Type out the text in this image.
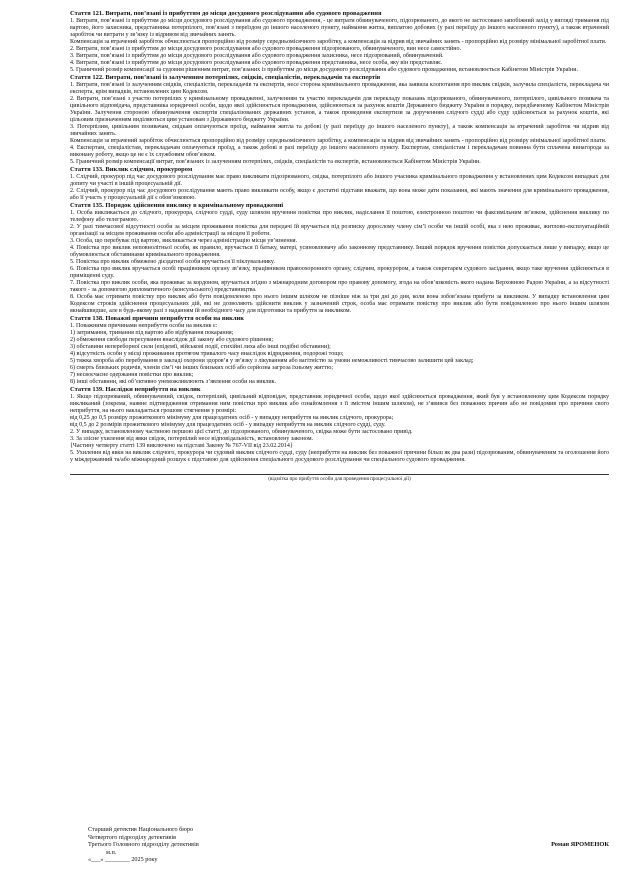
Стаття 121. Витрати, пов’язані із прибуттям до місця досудового розслідування або судового провадження
1. Витрати, пов’язані із прибуттям до місця досудового розслідування або судового провадження, - це витрати обвинуваченого, підозрюваного, до якого не застосовано запобіжний захід у вигляді тримання під вартою, його захисника, представника потерпілого, пов’язані з переїздом до іншого населеного пункту, наймання житла, виплатою добових (у разі переїзду до іншого населеного пункту), а також втрачений заробіток чи витрати у зв’язку із відривом від звичайних занять.
Компенсація за втрачений заробіток обчислюється пропорційно від розміру середньомісячного заробітку, а компенсація за відрив від звичайних занять - пропорційно від розміру мінімальної заробітної плати.
2. Витрати, пов’язані із прибуттям до місця досудового розслідування або судового провадження підозрюваного, обвинуваченого, вин несе самостійно.
3. Витрати, пов’язані із прибуттям до місця досудового розслідування або судового провадження захисника, несе підозрюваний, обвинувачений.
4. Витрати, пов’язані із прибуттям до місця досудового розслідування або судового провадження представника, несе особа, яку він представляє.
5. Граничний розмір компенсації за судовим рішенням витрат, пов’язаних із прибуттям до місця досудового розслідування або судового провадження, встановлюється Кабінетом Міністрів України.
Стаття 122. Витрати, пов’язані із залученням потерпілих, свідків, спеціалістів, перекладачів та експертів
1. Витрати, пов’язані із залученням свідків, спеціалістів, перекладачів та експертів, несе сторона кримінального провадження, яка заявила клопотання про виклик свідків, залучила спеціаліста, перекладача чи експерта, крім випадків, встановлених цим Кодексом.
2. Витрати, пов’язані з участю потерпілих у кримінальному провадженні, залученням та участю перекладачів для перекладу показань підозрюваного, обвинуваченого, потерпілого, цивільного позивача та цивільного відповідача, представника юридичної особи, щодо якої здійснюється провадження, здійснюються за рахунок коштів Державного бюджету України в порядку, передбаченому Кабінетом Міністрів України. Залучення стороною обвинувачення експертів спеціалізованих державних установ, а також проведення експертизи за дорученням слідчого судді або суду здійснюється за рахунок коштів, які цільовим призначенням виділяються цим установам з Державного бюджету України.
3. Потерпілим, цивільним позивачам, свідкам оплачуються проїзд, наймання житла та добові (у разі переїзду до іншого населеного пункту), а також компенсація за втрачений заробіток чи відрив від звичайних занять.
Компенсація за втрачений заробіток обчислюється пропорційно від розміру середньомісячного заробітку, а компенсація за відрив від звичайних занять - пропорційно від розміру мінімальної заробітної плати.
4. Експертам, спеціалістам, перекладачам оплачуються проїзд, а також добові в разі переїзду до іншого населеного пункту. Експертам, спеціалістам і перекладачам повинна бути сплачена винагорода за виконану роботу, якщо це не є їх службовим обов’язком.
5. Граничний розмір компенсації витрат, пов’язаних із залученням потерпілих, свідків, спеціалістів та експертів, встановлюється Кабінетом Міністрів України.
Стаття 133. Виклик слідчим, прокурором
1. Слідчий, прокурор під час досудового розслідування має право викликати підозрюваного, свідка, потерпілого або іншого учасника кримінального провадження у встановлених цим Кодексом випадках для допиту чи участі в іншій процесуальній дії.
2. Слідчий, прокурор під час досудового розслідування мають право викликати особу, якщо є достатні підстави вважати, що вона може дати показання, які мають значення для кримінального провадження, або її участь у процесуальній дії є обов’язковою.
Стаття 135. Порядок здійснення виклику в кримінальному провадженні
1. Особа викликається до слідчого, прокурора, слідчого судді, суду шляхом вручення повістки про виклик, надіслання її поштою, електронною поштою чи факсимільним зв’язком, здійснення виклику по телефону або телеграмою.
2. У разі тимчасової відсутності особи за місцем проживання повістка для передачі їй вручається під розписку дорослому члену сім’ї особи чи іншій особі, яка з нею проживає, житлово-експлуатаційній організації за місцем проживання особи або адміністрації за місцем її роботи.
3. Особа, що перебуває під вартою, викликається через адміністрацію місця ув’язнення.
4. Повістка про виклик неповнолітньої особи, як правило, вручається її батьку, матері, усиновлювачу або законному представнику. Інший порядок вручення повістки допускається лише у випадку, якщо це обумовлюється обставинами кримінального провадження.
5. Повістка про виклик обмежено дієздатної особи вручається її піклувальнику.
6. Повістка про виклик вручається особі працівником органу зв’язку, працівником правоохоронного органу, слідчим, прокурором, а також секретарем судового засідання, якщо таке вручення здійснюється в приміщенні суду.
7. Повістка про виклик особи, яка проживає за кордоном, вручається згідно з міжнародним договором про правову допомогу, згода на обов’язковість якого надана Верховною Радою України, а за відсутності такого - за допомогою дипломатичного (консульського) представництва.
8. Особа має отримати повістку про виклик або бути повідомленою про нього іншим шляхом не пізніше ніж за три дні до дня, коли вона зобов’язана прибути за викликом. У випадку встановлення цим Кодексом строків здійснення процесуальних дій, які не дозволяють здійснити виклик у зазначений строк, особа має отримати повістку про виклик або бути повідомленою про нього іншим шляхом якнайшвидше, але в будь-якому разі з наданням їй необхідного часу для підготовки та прибуття за викликом.
Стаття 138. Поважні причини неприбуття особи на виклик
1. Поважними причинами неприбуття особи на виклик є:
1) затримання, тримання під вартою або відбування покарання;
2) обмеження свободи пересування внаслідок дії закону або судового рішення;
3) обставини непереборної сили (епідемії, військові події, стихійні лиха або інші подібні обставини);
4) відсутність особи у місці проживання протягом тривалого часу внаслідок відрядження, подорожі тощо;
5) тяжка хвороба або перебування в закладі охорони здоров’я у зв’язку з лікуванням або вагітністю за умови неможливості тимчасово залишити цей заклад;
6) смерть близьких родичів, членів сім’ї чи інших близьких осіб або серйозна загроза їхньому життю;
7) несвоєчасне одержання повістки про виклик;
8) інші обставини, які об’єктивно унеможливлюють з’явлення особи на виклик.
Стаття 139. Наслідки неприбуття на виклик
1. Якщо підозрюваний, обвинувачений, свідок, потерпілий, цивільний відповідач, представник юридичної особи, щодо якої здійснюється провадження, який був у встановленому цим Кодексом порядку викликаний (зокрема, наявне підтвердження отримання ним повістки про виклик або ознайомлення з її змістом іншим шляхом), не з’явився без поважних причин або не повідомив про причини свого неприбуття, на нього накладається грошове стягнення у розмірі:
від 0,25 до 0,5 розміру прожиткового мінімуму для працездатних осіб - у випадку неприбуття на виклик слідчого, прокурора;
від 0,5 до 2 розмірів прожиткового мінімуму для працездатних осіб - у випадку неприбуття на виклик слідчого судді, суду.
2. У випадку, встановленому частиною першою цієї статті, до підозрюваного, обвинуваченого, свідка може бути застосовано привід.
3. За злісне ухилення від явки свідок, потерпілий несе відповідальність, встановлену законом.
{Частину четверту статті 139 виключено на підставі Закону № 767-VII від 23.02.2014}
5. Ухилення від явки на виклик слідчого, прокурора чи судовий виклик слідчого судді, суду (неприбуття на виклик без поважної причини більш як два рази) підозрюваним, обвинуваченим та оголошення його у міждержавний та/або міжнародний розшук є підставою для здійснення спеціального досудового розслідування чи спеціального судового провадження.
(відмітка про прибуття особи для проведення процесуальної дії)
Старший детектив Національного бюро
Четвертого підрозділу детективів
Третього Головного підрозділу детективів
м.п.
«___» ________ 2025 року
Роман ЯРОМЕНОК
